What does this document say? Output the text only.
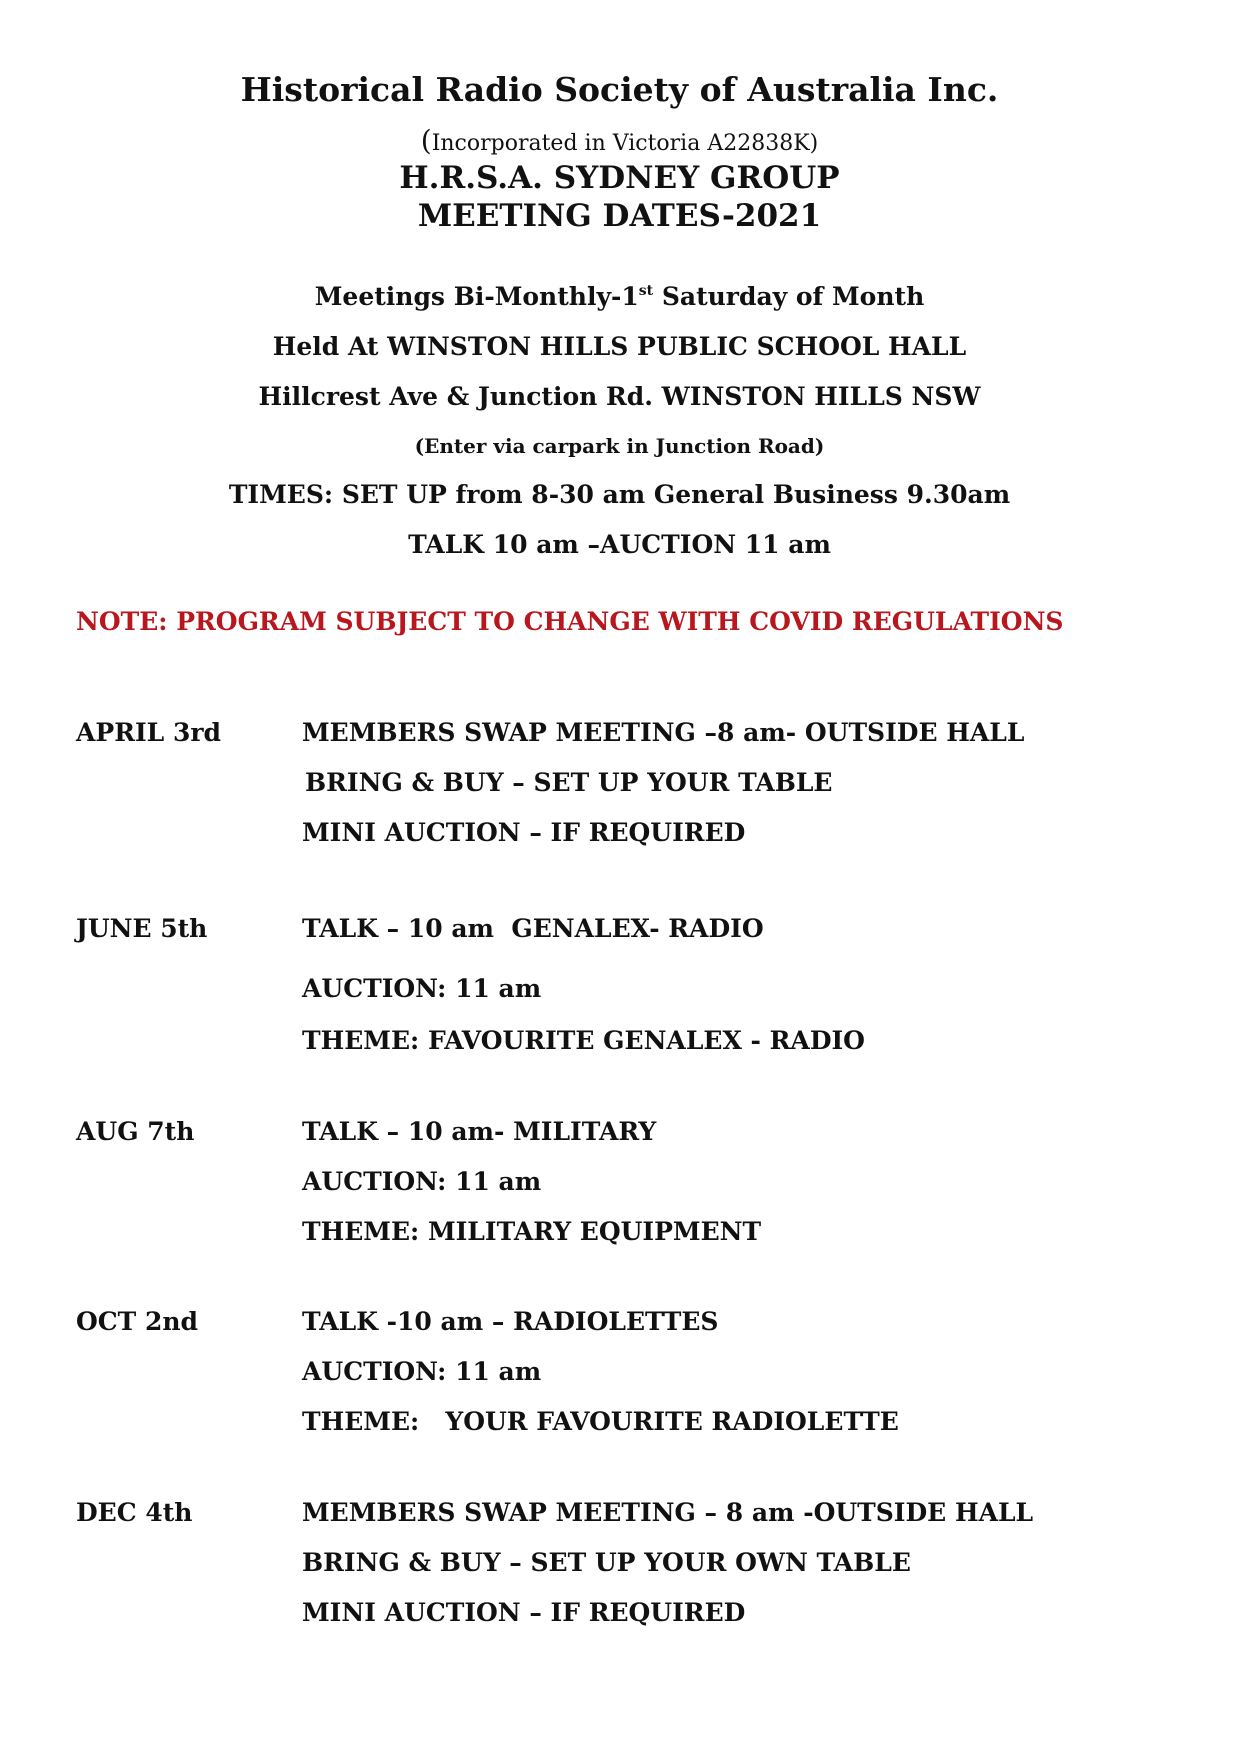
Historical Radio Society of Australia Inc.
(Incorporated in Victoria A22838K)
H.R.S.A. SYDNEY GROUP
MEETING DATES-2021
Meetings Bi-Monthly-1st Saturday of Month
Held At WINSTON HILLS PUBLIC SCHOOL HALL
Hillcrest Ave & Junction Rd. WINSTON HILLS NSW
(Enter via carpark in Junction Road)
TIMES: SET UP from 8-30 am General Business 9.30am
TALK 10 am –AUCTION 11 am
NOTE: PROGRAM SUBJECT TO CHANGE WITH COVID REGULATIONS
APRIL 3rd	MEMBERS SWAP MEETING –8 am- OUTSIDE HALL
BRING & BUY – SET UP YOUR TABLE
MINI AUCTION – IF REQUIRED
JUNE 5th	TALK – 10 am  GENALEX- RADIO
AUCTION: 11 am
THEME: FAVOURITE GENALEX - RADIO
AUG 7th	TALK – 10 am- MILITARY
AUCTION: 11 am
THEME: MILITARY EQUIPMENT
OCT 2nd	TALK -10 am – RADIOLETTES
AUCTION: 11 am
THEME:   YOUR FAVOURITE RADIOLETTE
DEC 4th	MEMBERS SWAP MEETING – 8 am -OUTSIDE HALL
BRING & BUY – SET UP YOUR OWN TABLE
MINI AUCTION – IF REQUIRED
